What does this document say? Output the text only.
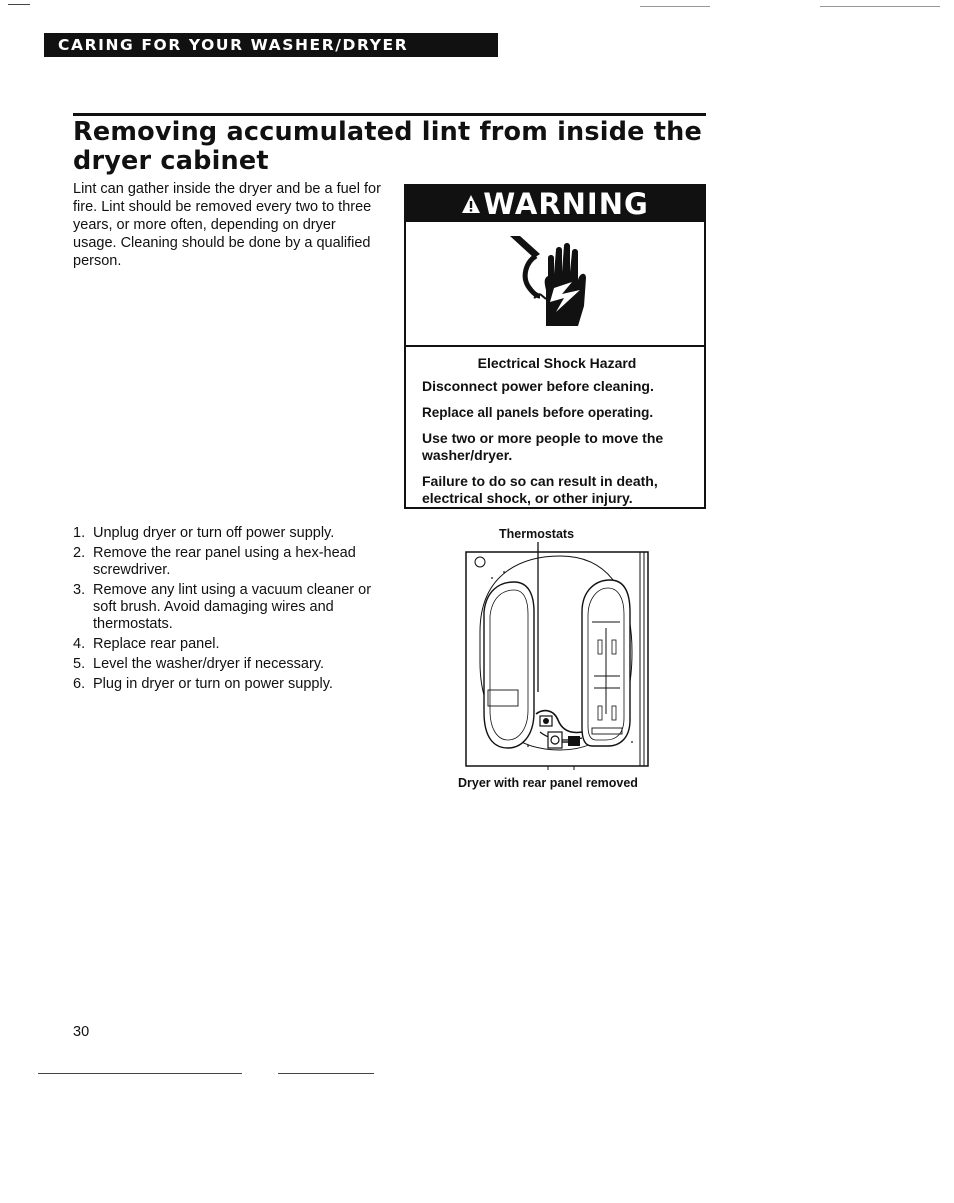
CARING FOR YOUR WASHER/DRYER
Removing accumulated lint from inside the dryer cabinet

Lint can gather inside the dryer and be a fuel for fire. Lint should be removed every two to three years, or more often, depending on dryer usage. Cleaning should be done by a qualified person.

WARNING

Electrical Shock Hazard

Disconnect power before cleaning.

Replace all panels before operating.

Use two or more people to move the washer/dryer.

Failure to do so can result in death, electrical shock, or other injury.

1. Unplug dryer or turn off power supply.
2. Remove the rear panel using a hex-head screwdriver.
3. Remove any lint using a vacuum cleaner or soft brush. Avoid damaging wires and thermostats.
4. Replace rear panel.
5. Level the washer/dryer if necessary.
6. Plug in dryer or turn on power supply.

Thermostats

Dryer with rear panel removed

30
